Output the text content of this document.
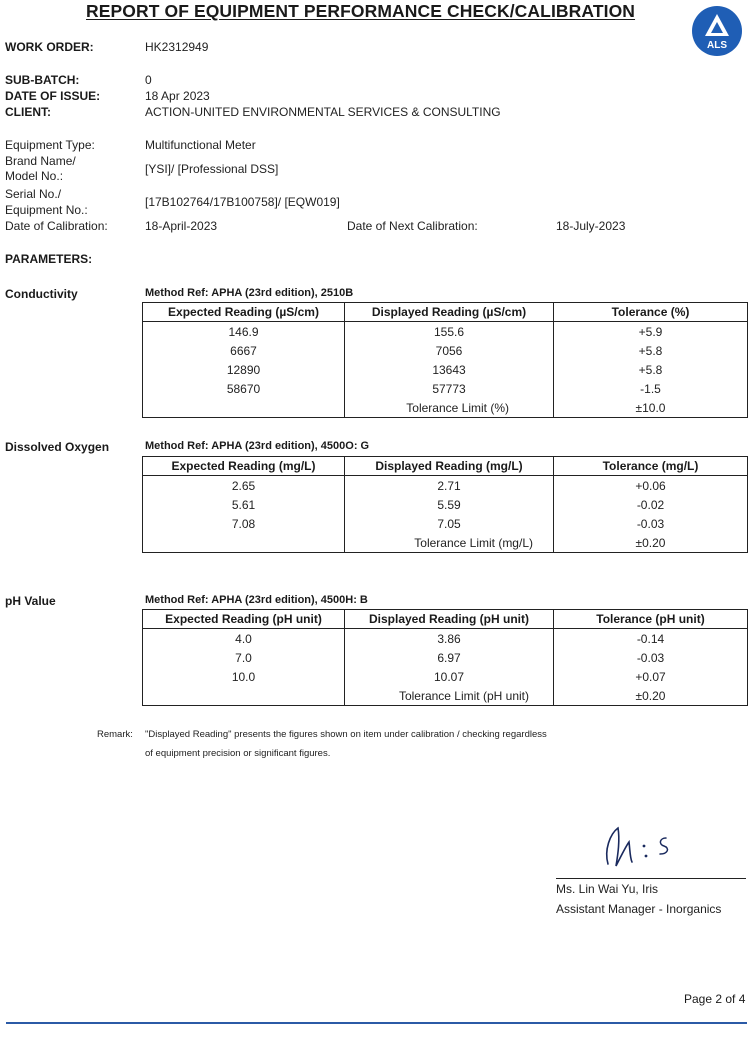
REPORT OF EQUIPMENT PERFORMANCE CHECK/CALIBRATION
ALS
WORK ORDER:	HK2312949
SUB-BATCH:	0
DATE OF ISSUE:	18 Apr 2023
CLIENT:	ACTION-UNITED ENVIRONMENTAL SERVICES & CONSULTING
Equipment Type:	Multifunctional Meter
Brand Name/
Model No.:	[YSI]/ [Professional DSS]
Serial No./
Equipment No.:
[17B102764/17B100758]/ [EQW019]
Date of Calibration:	18-April-2023	Date of Next Calibration:	18-July-2023
PARAMETERS:
Conductivity	Method Ref: APHA (23rd edition), 2510B
Expected Reading (µS/cm)	Displayed Reading (µS/cm)	Tolerance (%)
146.9	155.6	+5.9
6667	7056	+5.8
12890	13643	+5.8
58670	57773	-1.5
	Tolerance Limit (%)	±10.0
Dissolved Oxygen	Method Ref: APHA (23rd edition), 4500O: G
Expected Reading (mg/L)	Displayed Reading (mg/L)	Tolerance (mg/L)
2.65	2.71	+0.06
5.61	5.59	-0.02
7.08	7.05	-0.03
	Tolerance Limit (mg/L)	±0.20
pH Value	Method Ref: APHA (23rd edition), 4500H: B
Expected Reading (pH unit)	Displayed Reading (pH unit)	Tolerance (pH unit)
4.0	3.86	-0.14
7.0	6.97	-0.03
10.0	10.07	+0.07
	Tolerance Limit (pH unit)	±0.20
Remark: "Displayed Reading" presents the figures shown on item under calibration / checking regardless
of equipment precision or significant figures.
Ms. Lin Wai Yu, Iris
Assistant Manager - Inorganics
Page 2 of 4
